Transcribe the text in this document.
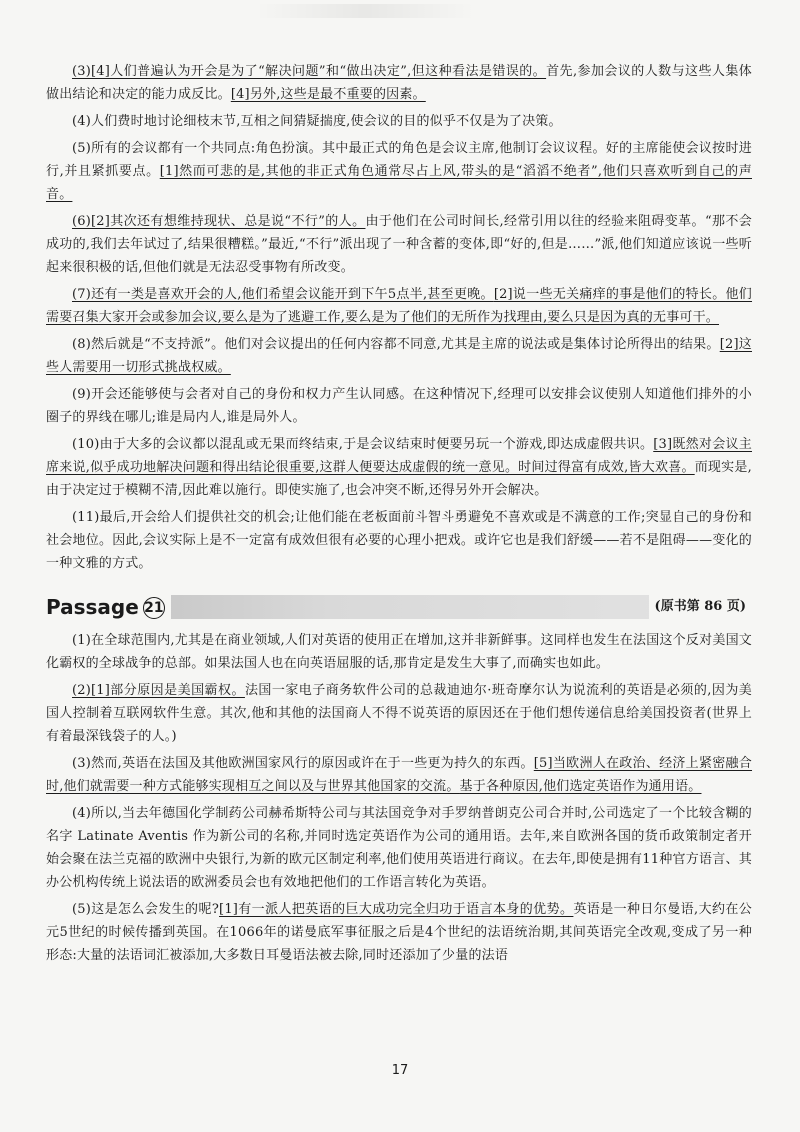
(3)[4]人们普遍认为开会是为了“解决问题”和“做出决定”,但这种看法是错误的。首先,参加会议的人数与这些人集体做出结论和决定的能力成反比。[4]另外,这些是最不重要的因素。

(4)人们费时地讨论细枝末节,互相之间猜疑揣度,使会议的目的似乎不仅是为了决策。

(5)所有的会议都有一个共同点:角色扮演。其中最正式的角色是会议主席,他制订会议议程。好的主席能使会议按时进行,并且紧抓要点。[1]然而可悲的是,其他的非正式角色通常尽占上风,带头的是“滔滔不绝者”,他们只喜欢听到自己的声音。

(6)[2]其次还有想维持现状、总是说“不行”的人。由于他们在公司时间长,经常引用以往的经验来阻碍变革。“那不会成功的,我们去年试过了,结果很糟糕。”最近,“不行”派出现了一种含蓄的变体,即“好的,但是……”派,他们知道应该说一些听起来很积极的话,但他们就是无法忍受事物有所改变。

(7)还有一类是喜欢开会的人,他们希望会议能开到下午5点半,甚至更晚。[2]说一些无关痛痒的事是他们的特长。他们需要召集大家开会或参加会议,要么是为了逃避工作,要么是为了他们的无所作为找理由,要么只是因为真的无事可干。

(8)然后就是“不支持派”。他们对会议提出的任何内容都不同意,尤其是主席的说法或是集体讨论所得出的结果。[2]这些人需要用一切形式挑战权威。

(9)开会还能够使与会者对自己的身份和权力产生认同感。在这种情况下,经理可以安排会议使别人知道他们排外的小圈子的界线在哪儿;谁是局内人,谁是局外人。

(10)由于大多的会议都以混乱或无果而终结束,于是会议结束时便要另玩一个游戏,即达成虚假共识。[3]既然对会议主席来说,似乎成功地解决问题和得出结论很重要,这群人便要达成虚假的统一意见。时间过得富有成效,皆大欢喜。而现实是,由于决定过于模糊不清,因此难以施行。即使实施了,也会冲突不断,还得另外开会解决。

(11)最后,开会给人们提供社交的机会;让他们能在老板面前斗智斗勇避免不喜欢或是不满意的工作;突显自己的身份和社会地位。因此,会议实际上是不一定富有成效但很有必要的心理小把戏。或许它也是我们舒缓——若不是阻碍——变化的一种文雅的方式。

Passage 21	(原书第 86 页)

(1)在全球范围内,尤其是在商业领域,人们对英语的使用正在增加,这并非新鲜事。这同样也发生在法国这个反对美国文化霸权的全球战争的总部。如果法国人也在向英语屈服的话,那肯定是发生大事了,而确实也如此。

(2)[1]部分原因是美国霸权。法国一家电子商务软件公司的总裁迪迪尔·班奇摩尔认为说流利的英语是必须的,因为美国人控制着互联网软件生意。其次,他和其他的法国商人不得不说英语的原因还在于他们想传递信息给美国投资者(世界上有着最深钱袋子的人。)

(3)然而,英语在法国及其他欧洲国家风行的原因或许在于一些更为持久的东西。[5]当欧洲人在政治、经济上紧密融合时,他们就需要一种方式能够实现相互之间以及与世界其他国家的交流。基于各种原因,他们选定英语作为通用语。

(4)所以,当去年德国化学制药公司赫希斯特公司与其法国竞争对手罗纳普朗克公司合并时,公司选定了一个比较含糊的名字 Latinate Aventis 作为新公司的名称,并同时选定英语作为公司的通用语。去年,来自欧洲各国的货币政策制定者开始会聚在法兰克福的欧洲中央银行,为新的欧元区制定利率,他们使用英语进行商议。在去年,即使是拥有11种官方语言、其办公机构传统上说法语的欧洲委员会也有效地把他们的工作语言转化为英语。

(5)这是怎么会发生的呢?[1]有一派人把英语的巨大成功完全归功于语言本身的优势。英语是一种日尔曼语,大约在公元5世纪的时候传播到英国。在1066年的诺曼底军事征服之后是4个世纪的法语统治期,其间英语完全改观,变成了另一种形态:大量的法语词汇被添加,大多数日耳曼语法被去除,同时还添加了少量的法语

17
